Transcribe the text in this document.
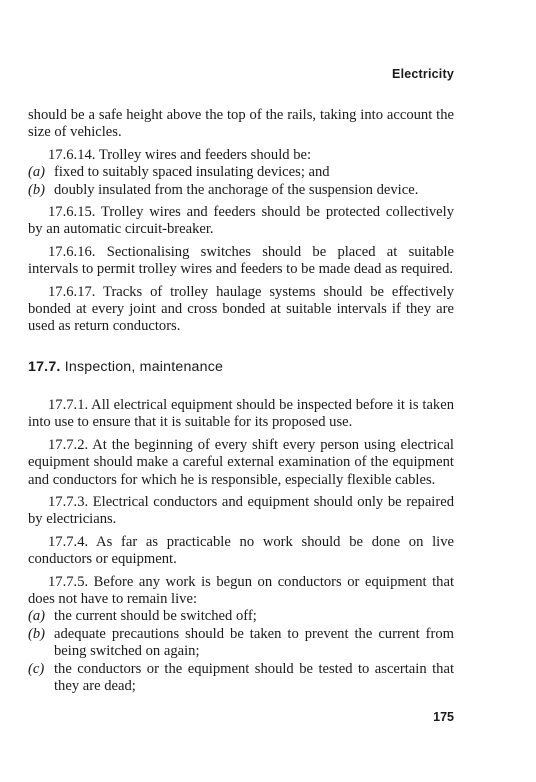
Electricity

should be a safe height above the top of the rails, taking into account the size of vehicles.

17.6.14. Trolley wires and feeders should be:

(a) fixed to suitably spaced insulating devices; and
(b) doubly insulated from the anchorage of the suspension device.

17.6.15. Trolley wires and feeders should be protected collectively by an automatic circuit-breaker.

17.6.16. Sectionalising switches should be placed at suitable intervals to permit trolley wires and feeders to be made dead as required.

17.6.17. Tracks of trolley haulage systems should be effectively bonded at every joint and cross bonded at suitable intervals if they are used as return conductors.

17.7. Inspection, maintenance

17.7.1. All electrical equipment should be inspected before it is taken into use to ensure that it is suitable for its proposed use.

17.7.2. At the beginning of every shift every person using electrical equipment should make a careful external examination of the equipment and conductors for which he is responsible, especially flexible cables.

17.7.3. Electrical conductors and equipment should only be repaired by electricians.

17.7.4. As far as practicable no work should be done on live conductors or equipment.

17.7.5. Before any work is begun on conductors or equipment that does not have to remain live:

(a) the current should be switched off;
(b) adequate precautions should be taken to prevent the current from being switched on again;
(c) the conductors or the equipment should be tested to ascertain that they are dead;
175
